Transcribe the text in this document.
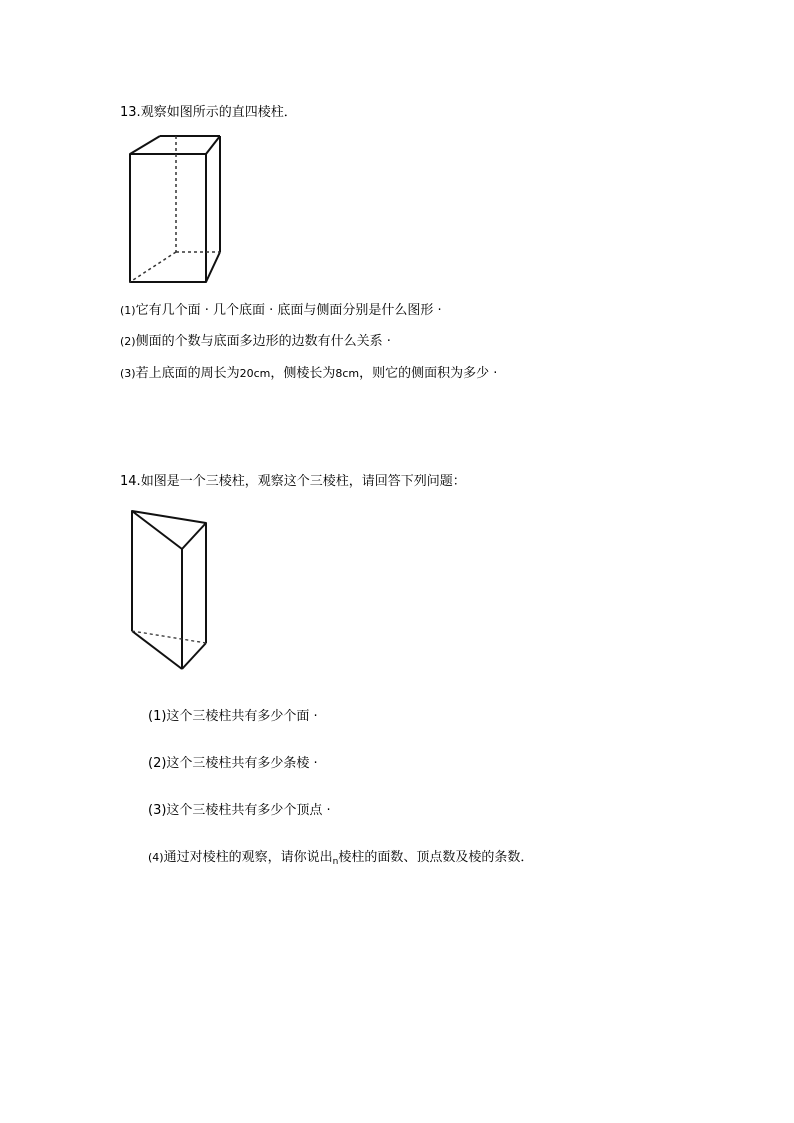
13.观察如图所示的直四棱柱．
(1)它有几个面 · 几个底面 · 底面与侧面分别是什么图形 ·
(2)侧面的个数与底面多边形的边数有什么关系 ·
(3)若上底面的周长为20cm，侧棱长为8cm，则它的侧面积为多少 ·
14.如图是一个三棱柱，观察这个三棱柱，请回答下列问题：
(1)这个三棱柱共有多少个面 ·
(2)这个三棱柱共有多少条棱 ·
(3)这个三棱柱共有多少个顶点 ·
(4)通过对棱柱的观察，请你说出$_n$棱柱的面数、顶点数及棱的条数．
